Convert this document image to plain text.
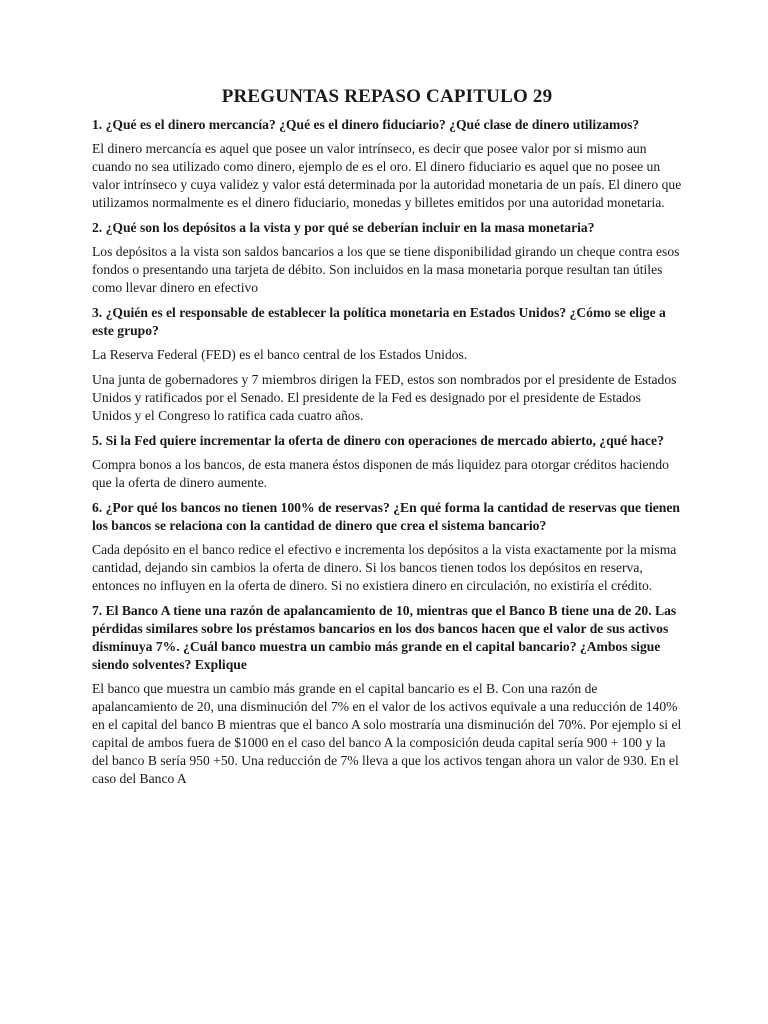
PREGUNTAS REPASO CAPITULO 29

1. ¿Qué es el dinero mercancía? ¿Qué es el dinero fiduciario? ¿Qué clase de dinero utilizamos?

El dinero mercancía es aquel que posee un valor intrínseco, es decir que posee valor por si mismo aun cuando no sea utilizado como dinero, ejemplo de es el oro. El dinero fiduciario es aquel que no posee un valor intrínseco y cuya validez y valor está determinada por la autoridad monetaria de un país. El dinero que utilizamos normalmente es el dinero fiduciario, monedas y billetes emitidos por una autoridad monetaria.

2. ¿Qué son los depósitos a la vista y por qué se deberían incluir en la masa monetaria?

Los depósitos a la vista son saldos bancarios a los que se tiene disponibilidad girando un cheque contra esos fondos o presentando una tarjeta de débito. Son incluidos en la masa monetaria porque resultan tan útiles como llevar dinero en efectivo

3. ¿Quién es el responsable de establecer la política monetaria en Estados Unidos? ¿Cómo se elige a este grupo?

La Reserva Federal (FED) es el banco central de los Estados Unidos.

Una junta de gobernadores y 7 miembros dirigen la FED, estos son nombrados por el presidente de Estados Unidos y ratificados por el Senado. El presidente de la Fed es designado por el presidente de Estados Unidos y el Congreso lo ratifica cada cuatro años.

5. Si la Fed quiere incrementar la oferta de dinero con operaciones de mercado abierto, ¿qué hace?

Compra bonos a los bancos, de esta manera éstos disponen de más liquidez para otorgar créditos haciendo que la oferta de dinero aumente.

6. ¿Por qué los bancos no tienen 100% de reservas? ¿En qué forma la cantidad de reservas que tienen los bancos se relaciona con la cantidad de dinero que crea el sistema bancario?

Cada depósito en el banco redice el efectivo e incrementa los depósitos a la vista exactamente por la misma cantidad, dejando sin cambios la oferta de dinero. Si los bancos tienen todos los depósitos en reserva, entonces no influyen en la oferta de dinero. Si no existiera dinero en circulación, no existiría el crédito.

7. El Banco A tiene una razón de apalancamiento de 10, mientras que el Banco B tiene una de 20. Las pérdidas similares sobre los préstamos bancarios en los dos bancos hacen que el valor de sus activos disminuya 7%. ¿Cuál banco muestra un cambio más grande en el capital bancario? ¿Ambos sigue siendo solventes? Explique

El banco que muestra un cambio más grande en el capital bancario es el B. Con una razón de apalancamiento de 20, una disminución del 7% en el valor de los activos equivale a una reducción de 140% en el capital del banco B mientras que el banco A solo mostraría una disminución del 70%. Por ejemplo si el capital de ambos fuera de $1000 en el caso del banco A la composición deuda capital sería 900 + 100 y la del banco B sería 950 +50. Una reducción de 7% lleva a que los activos tengan ahora un valor de 930. En el caso del Banco A
